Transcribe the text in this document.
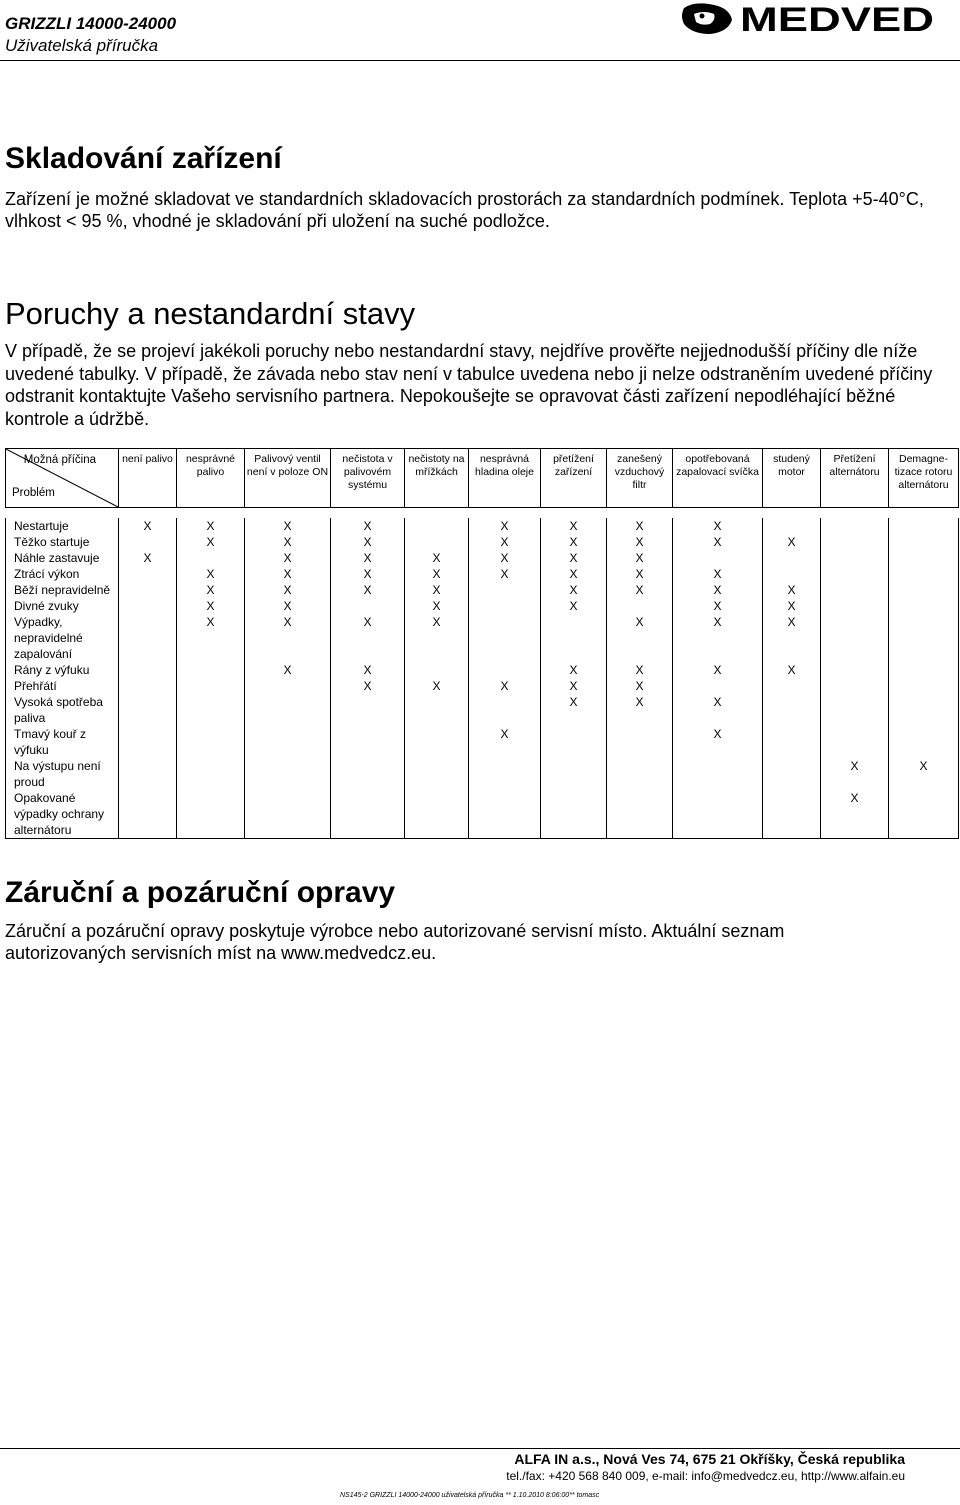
GRIZZLI 14000-24000
Uživatelská příručka
MEDVED
Skladování zařízení
Zařízení je možné skladovat ve standardních skladovacích prostorách za standardních podmínek. Teplota +5-40°C, vlhkost < 95 %, vhodné je skladování při uložení na suché podložce.
Poruchy a nestandardní stavy
V případě, že se projeví jakékoli poruchy nebo nestandardní stavy, nejdříve prověřte nejjednodušší příčiny dle níže uvedené tabulky. V případě, že závada nebo stav není v tabulce uvedena nebo ji nelze odstraněním uvedené příčiny odstranit kontaktujte Vašeho servisního partnera. Nepokoušejte se opravovat části zařízení nepodléhající běžné kontrole a údržbě.
Možná příčina
Problém	není palivo	nesprávné palivo	Palivový ventil není v poloze ON	nečistota v palivovém systému	nečistoty na mřížkách	nesprávná hladina oleje	přetížení zařízení	zanešený vzduchový filtr	opotřebovaná zapalovací svíčka	studený motor	Přetížení alternátoru	Demagne-tizace rotoru alternátoru

Nestartuje	X	X	X	X		X	X	X	X			
Těžko startuje		X	X	X		X	X	X	X	X		
Náhle zastavuje	X		X	X	X	X	X	X				
Ztrácí výkon		X	X	X	X	X	X	X	X			
Běží nepravidelně		X	X	X	X		X	X	X	X		
Divné zvuky		X	X		X		X		X	X		
Výpadky, nepravidelné zapalování		X	X	X	X			X	X	X		
Rány z výfuku			X	X			X	X	X	X		
Přehřátí				X	X	X	X	X				
Vysoká spotřeba paliva							X	X	X			
Tmavý kouř z výfuku						X			X			
Na výstupu není proud											X	X
Opakované výpadky ochrany alternátoru											X	
Záruční a pozáruční opravy
Záruční a pozáruční opravy poskytuje výrobce nebo autorizované servisní místo. Aktuální seznam autorizovaných servisních míst na www.medvedcz.eu.
ALFA IN a.s., Nová Ves 74, 675 21 Okříšky, Česká republika
tel./fax: +420 568 840 009, e-mail: info@medvedcz.eu, http://www.alfain.eu
NS145-2 GRIZZLI 14000-24000 uživatelská příručka ** 1.10.2010 8:06:00** tomasc
